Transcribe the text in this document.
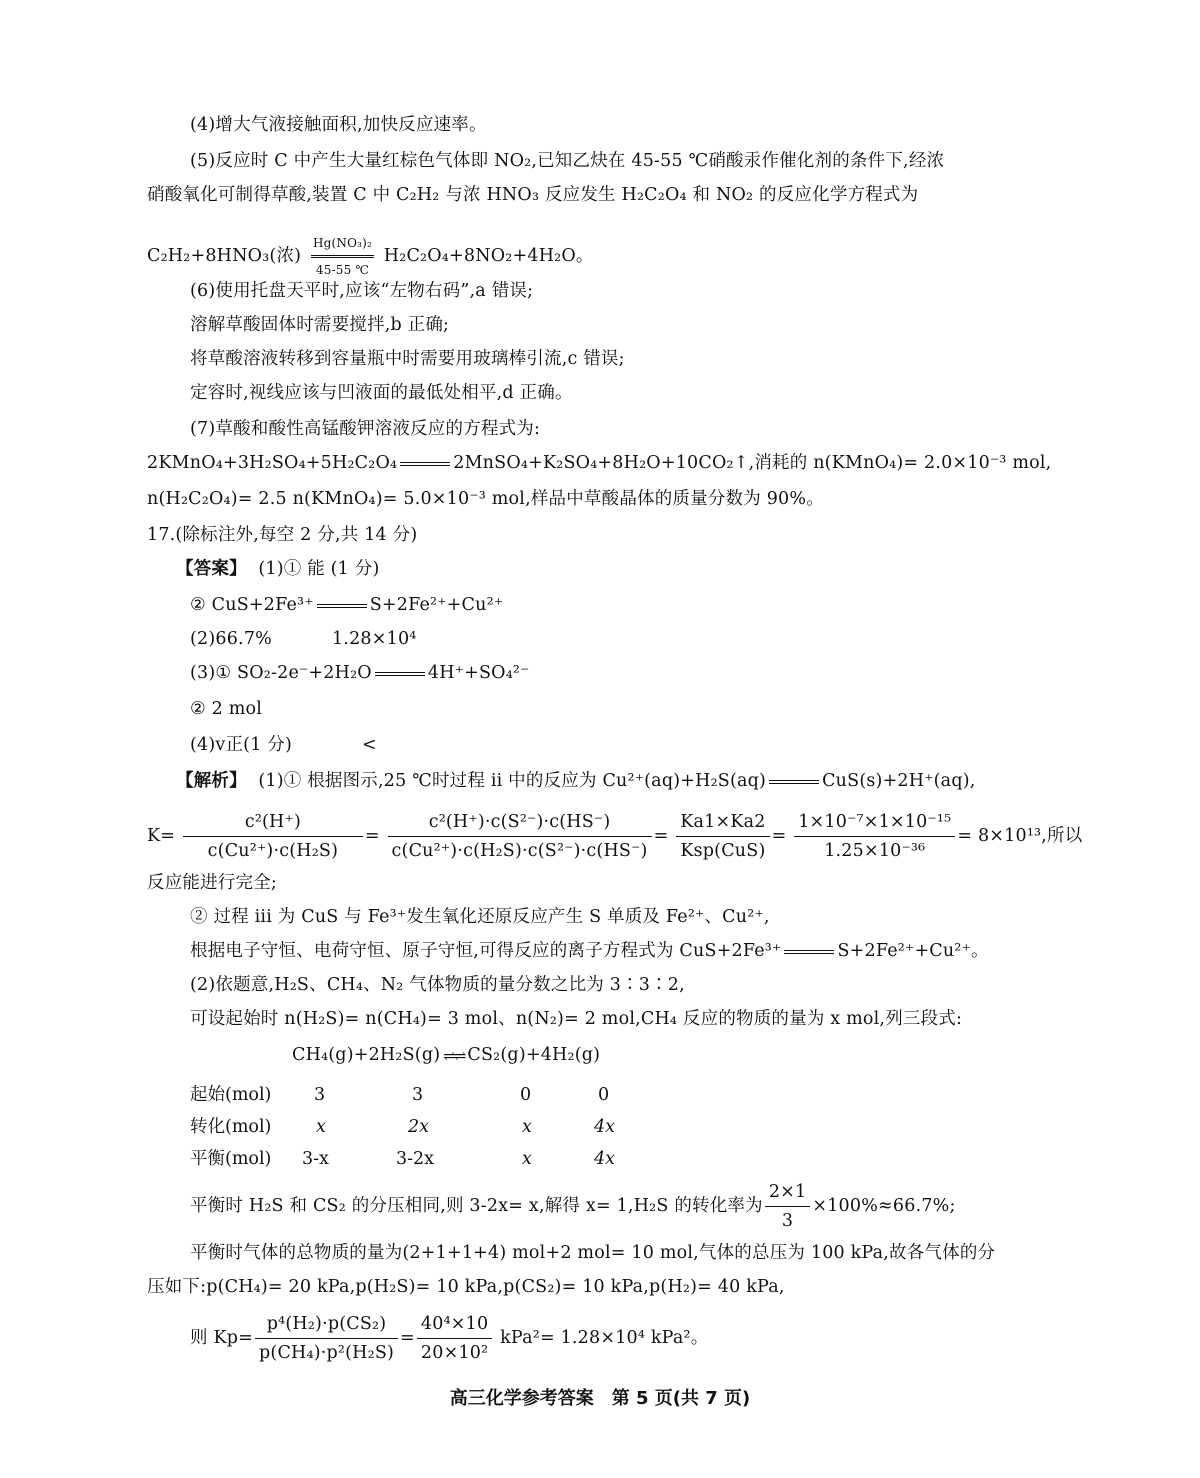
(4)增大气液接触面积,加快反应速率。
(5)反应时 C 中产生大量红棕色气体即 NO₂,已知乙炔在 45-55 ℃硝酸汞作催化剂的条件下,经浓
硝酸氧化可制得草酸,装置 C 中 C₂H₂ 与浓 HNO₃ 反应发生 H₂C₂O₄ 和 NO₂ 的反应化学方程式为
C₂H₂+8HNO₃(浓) $\frac{\text{Hg(NO₃)₂}}{45-55 ℃} H_2C_2O_4+8NO_2+4H_2O$。
(6)使用托盘天平时,应该“左物右码”,a 错误;
溶解草酸固体时需要搅拌,b 正确;
将草酸溶液转移到容量瓶中时需要用玻璃棒引流,c 错误;
定容时,视线应该与凹液面的最低处相平,d 正确。
(7)草酸和酸性高锰酸钾溶液反应的方程式为:
2KMnO₄+3H₂SO₄+5H₂C₂O₄	2MnSO₄+K₂SO₄+8H₂O+10CO₂↑,消耗的 n(KMnO₄)= 2.0×10⁻³ mol,
n(H₂C₂O₄)= 2.5 n(KMnO₄)= 5.0×10⁻³ mol,样品中草酸晶体的质量分数为 90%。
17.(除标注外,每空 2 分,共 14 分)
【答案】 (1)① 能 (1 分)
② CuS+2Fe³⁺	S+2Fe²⁺+Cu²⁺
(2)66.7%	1.28×10⁴
(3)① SO₂-2e⁻+2H₂O	4H⁺+SO₄²⁻
② 2 mol
(4)v正(1 分)	<
【解析】 (1)① 根据图示,25 ℃时过程 ii 中的反应为 Cu²⁺(aq)+H₂S(aq)	CuS(s)+2H⁺(aq),
$K= \frac{\text{c²(H⁺)}}{\text{c(Cu²⁺)·c(H₂S)}} = \frac{\text{c²(H⁺)·c(S²⁻)·c(HS⁻)}}{\text{c(Cu²⁺)·c(H₂S)·c(S²⁻)·c(HS⁻)}} = \frac{Ka1\times Ka2}{\text{Ksp(CuS)}} = \frac{\text{1×10⁻⁷×1×10⁻¹⁵}}{\text{1.25×10⁻³⁶}} = 8\times 10^{13}$,所以
反应能进行完全;
② 过程 iii 为 CuS 与 Fe³⁺发生氧化还原反应产生 S 单质及 Fe²⁺、Cu²⁺,
根据电子守恒、电荷守恒、原子守恒,可得反应的离子方程式为 CuS+2Fe³⁺	S+2Fe²⁺+Cu²⁺。
(2)依题意,H₂S、CH₄、N₂ 气体物质的量分数之比为 3∶3∶2,
可设起始时 n(H₂S)= n(CH₄)= 3 mol、n(N₂)= 2 mol,CH₄ 反应的物质的量为 x mol,列三段式:
CH₄(g)+2H₂S(g) ⇌⇌ CS₂(g)+4H₂(g)
起始(mol) 3	3	0	0
转化(mol)	x	2x	x	4x
平衡(mol) 3-x	3-2x	x	4x
平衡时 H₂S 和 CS₂ 的分压相同,则 3-2x= x,解得 x= 1,H₂S 的转化率为 $\frac{2\times 1}{3} \times 100\%\approx 66.7\%$;
平衡时气体的总物质的量为(2+1+1+4) mol+2 mol= 10 mol,气体的总压为 100 kPa,故各气体的分
压如下:p(CH₄)= 20 kPa,p(H₂S)= 10 kPa,p(CS₂)= 10 kPa,p(H₂)= 40 kPa,
则 $Kp= \frac{\text{p⁴(H₂)·p(CS₂)}}{\text{p(CH₄)·p²(H₂S)}} = \frac{\text{40⁴×10}}{\text{20×10²}} kPa^2= 1.28\times 10^4$ kPa²。
高三化学参考答案　第 5 页(共 7 页)
